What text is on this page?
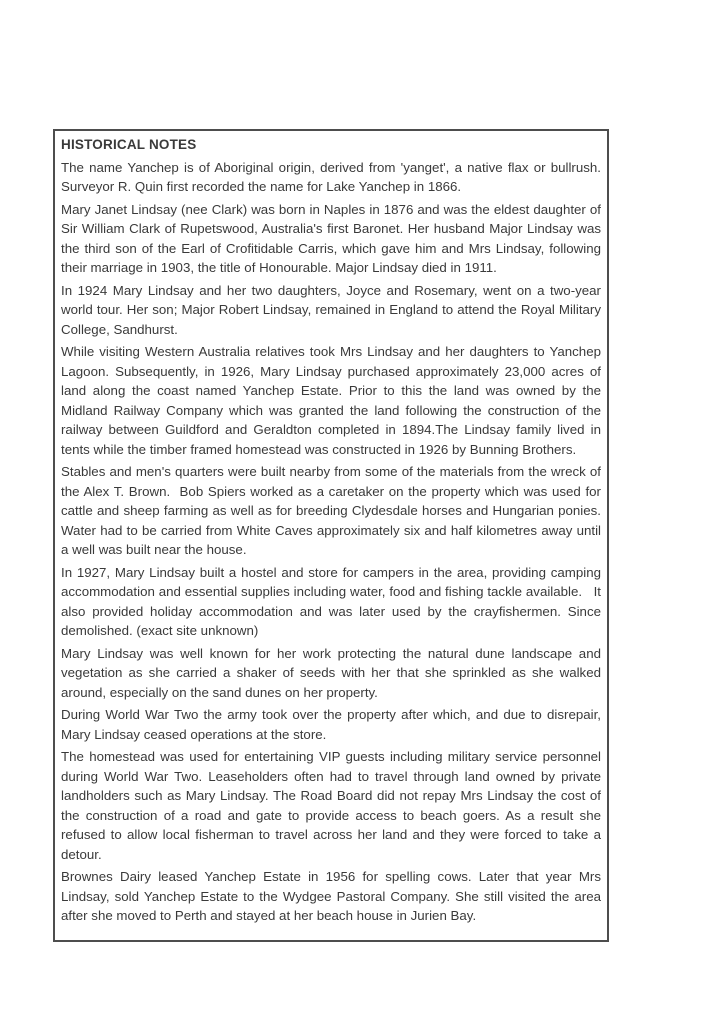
HISTORICAL NOTES

The name Yanchep is of Aboriginal origin, derived from 'yanget', a native flax or bullrush. Surveyor R. Quin first recorded the name for Lake Yanchep in 1866.

Mary Janet Lindsay (nee Clark) was born in Naples in 1876 and was the eldest daughter of Sir William Clark of Rupetswood, Australia's first Baronet. Her husband Major Lindsay was the third son of the Earl of Crofitidable Carris, which gave him and Mrs Lindsay, following their marriage in 1903, the title of Honourable. Major Lindsay died in 1911.

In 1924 Mary Lindsay and her two daughters, Joyce and Rosemary, went on a two-year world tour. Her son; Major Robert Lindsay, remained in England to attend the Royal Military College, Sandhurst.

While visiting Western Australia relatives took Mrs Lindsay and her daughters to Yanchep Lagoon. Subsequently, in 1926, Mary Lindsay purchased approximately 23,000 acres of land along the coast named Yanchep Estate. Prior to this the land was owned by the Midland Railway Company which was granted the land following the construction of the railway between Guildford and Geraldton completed in 1894.The Lindsay family lived in tents while the timber framed homestead was constructed in 1926 by Bunning Brothers.

Stables and men's quarters were built nearby from some of the materials from the wreck of the Alex T. Brown.  Bob Spiers worked as a caretaker on the property which was used for cattle and sheep farming as well as for breeding Clydesdale horses and Hungarian ponies. Water had to be carried from White Caves approximately six and half kilometres away until a well was built near the house.

In 1927, Mary Lindsay built a hostel and store for campers in the area, providing camping accommodation and essential supplies including water, food and fishing tackle available.   It also provided holiday accommodation and was later used by the crayfishermen. Since demolished. (exact site unknown)

Mary Lindsay was well known for her work protecting the natural dune landscape and vegetation as she carried a shaker of seeds with her that she sprinkled as she walked around, especially on the sand dunes on her property.

During World War Two the army took over the property after which, and due to disrepair, Mary Lindsay ceased operations at the store.

The homestead was used for entertaining VIP guests including military service personnel during World War Two. Leaseholders often had to travel through land owned by private landholders such as Mary Lindsay. The Road Board did not repay Mrs Lindsay the cost of the construction of a road and gate to provide access to beach goers. As a result she refused to allow local fisherman to travel across her land and they were forced to take a detour.

Brownes Dairy leased Yanchep Estate in 1956 for spelling cows. Later that year Mrs Lindsay, sold Yanchep Estate to the Wydgee Pastoral Company. She still visited the area after she moved to Perth and stayed at her beach house in Jurien Bay.
